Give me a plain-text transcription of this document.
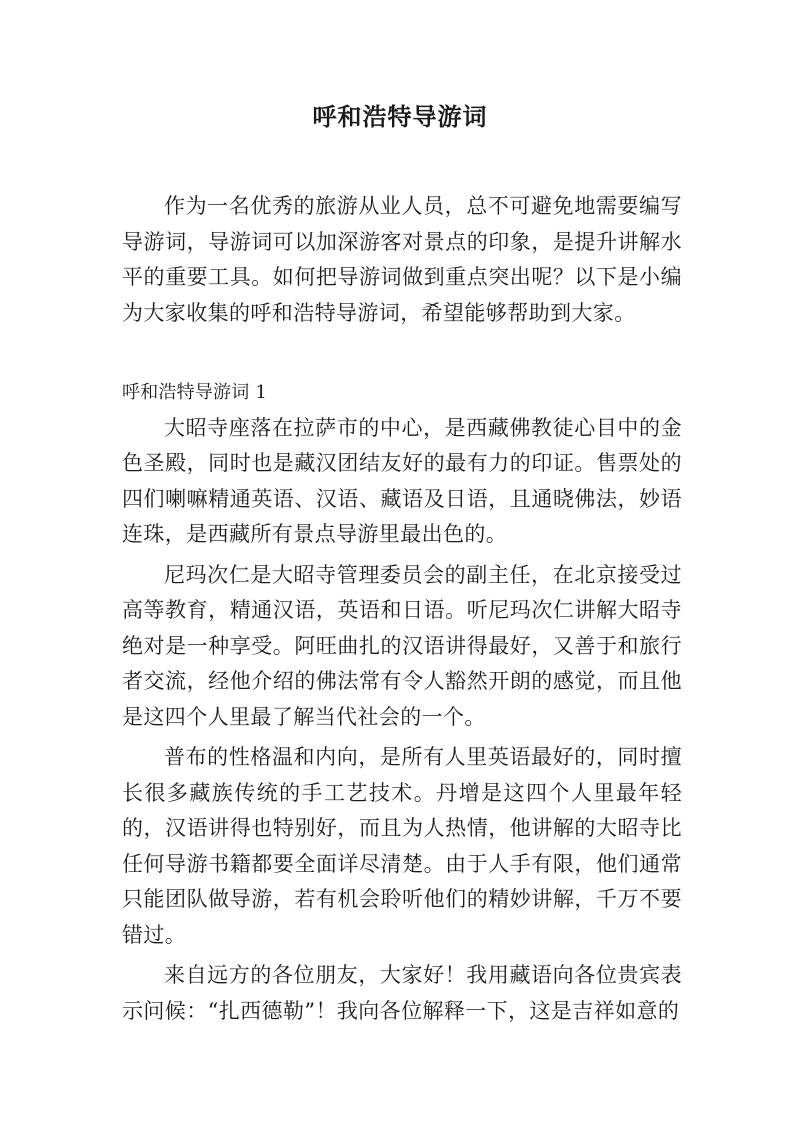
呼和浩特导游词

作为一名优秀的旅游从业人员，总不可避免地需要编写导游词，导游词可以加深游客对景点的印象，是提升讲解水平的重要工具。如何把导游词做到重点突出呢？以下是小编为大家收集的呼和浩特导游词，希望能够帮助到大家。

呼和浩特导游词 1

大昭寺座落在拉萨市的中心，是西藏佛教徒心目中的金色圣殿，同时也是藏汉团结友好的最有力的印证。售票处的四们喇嘛精通英语、汉语、藏语及日语，且通晓佛法，妙语连珠，是西藏所有景点导游里最出色的。

尼玛次仁是大昭寺管理委员会的副主任，在北京接受过高等教育，精通汉语，英语和日语。听尼玛次仁讲解大昭寺绝对是一种享受。阿旺曲扎的汉语讲得最好，又善于和旅行者交流，经他介绍的佛法常有令人豁然开朗的感觉，而且他是这四个人里最了解当代社会的一个。

普布的性格温和内向，是所有人里英语最好的，同时擅长很多藏族传统的手工艺技术。丹增是这四个人里最年轻的，汉语讲得也特别好，而且为人热情，他讲解的大昭寺比任何导游书籍都要全面详尽清楚。由于人手有限，他们通常只能团队做导游，若有机会聆听他们的精妙讲解，千万不要错过。

来自远方的各位朋友，大家好！我用藏语向各位贵宾表示问候：“扎西德勒”！我向各位解释一下，这是吉祥如意的
